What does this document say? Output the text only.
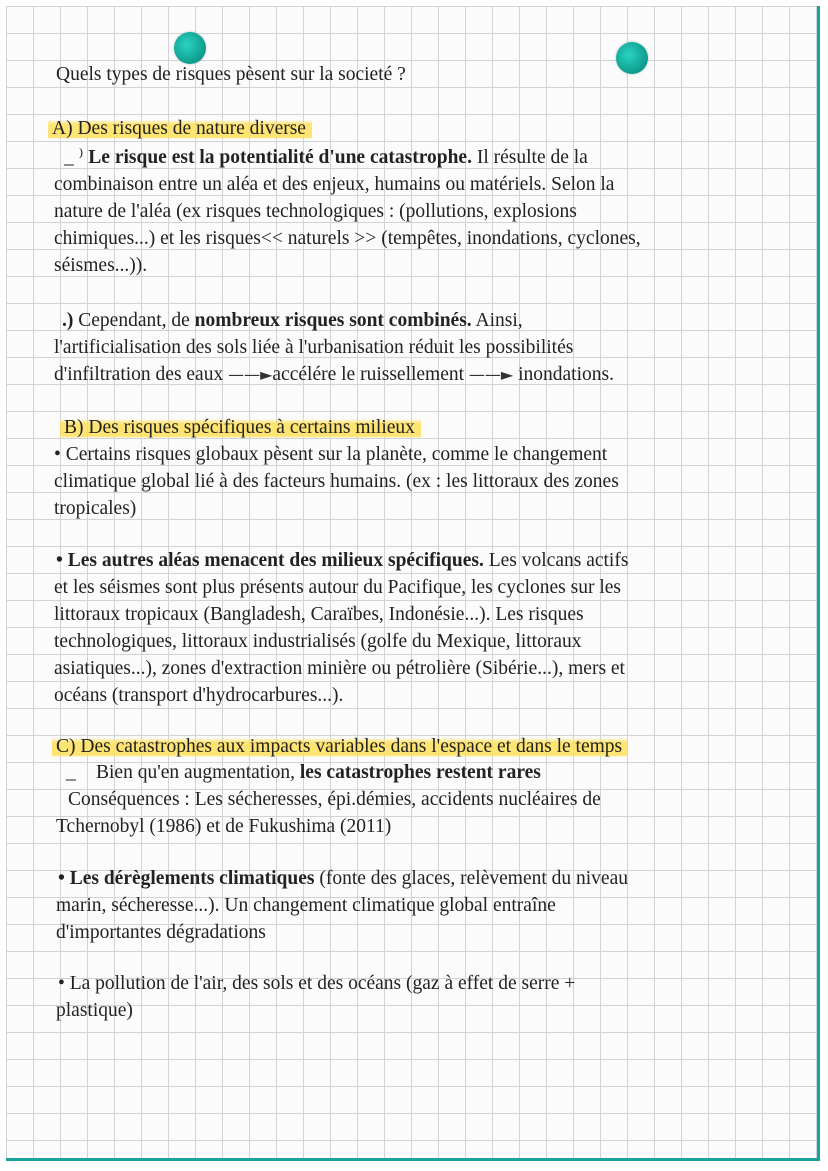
Quels types de risques pèsent sur la societé ?
A) Des risques de nature diverse
_ ⁾ Le risque est la potentialité d'une catastrophe. Il résulte de la
combinaison entre un aléa et des enjeux, humains ou matériels. Selon la
nature de l'aléa (ex risques technologiques : (pollutions, explosions
chimiques...) et les risques<< naturels >> (tempêtes, inondations, cyclones,
séismes...)).
.) Cependant, de nombreux risques sont combinés. Ainsi,
l'artificialisation des sols liée à l'urbanisation réduit les possibilités
d'infiltration des eaux ——►accélére le ruissellement ——► inondations.
B) Des risques spécifiques à certains milieux
• Certains risques globaux pèsent sur la planète, comme le changement
climatique global lié à des facteurs humains. (ex : les littoraux des zones
tropicales)
• Les autres aléas menacent des milieux spécifiques. Les volcans actifs
et les séismes sont plus présents autour du Pacifique, les cyclones sur les
littoraux tropicaux (Bangladesh, Caraïbes, Indonésie...). Les risques
technologiques, littoraux industrialisés (golfe du Mexique, littoraux
asiatiques...), zones d'extraction minière ou pétrolière (Sibérie...), mers et
océans (transport d'hydrocarbures...).
C) Des catastrophes aux impacts variables dans l'espace et dans le temps
_ Bien qu'en augmentation, les catastrophes restent rares
Conséquences : Les sécheresses, épi.démies, accidents nucléaires de
Tchernobyl (1986) et de Fukushima (2011)
• Les dérèglements climatiques (fonte des glaces, relèvement du niveau
marin, sécheresse...). Un changement climatique global entraîne
d'importantes dégradations
• La pollution de l'air, des sols et des océans (gaz à effet de serre +
plastique)
